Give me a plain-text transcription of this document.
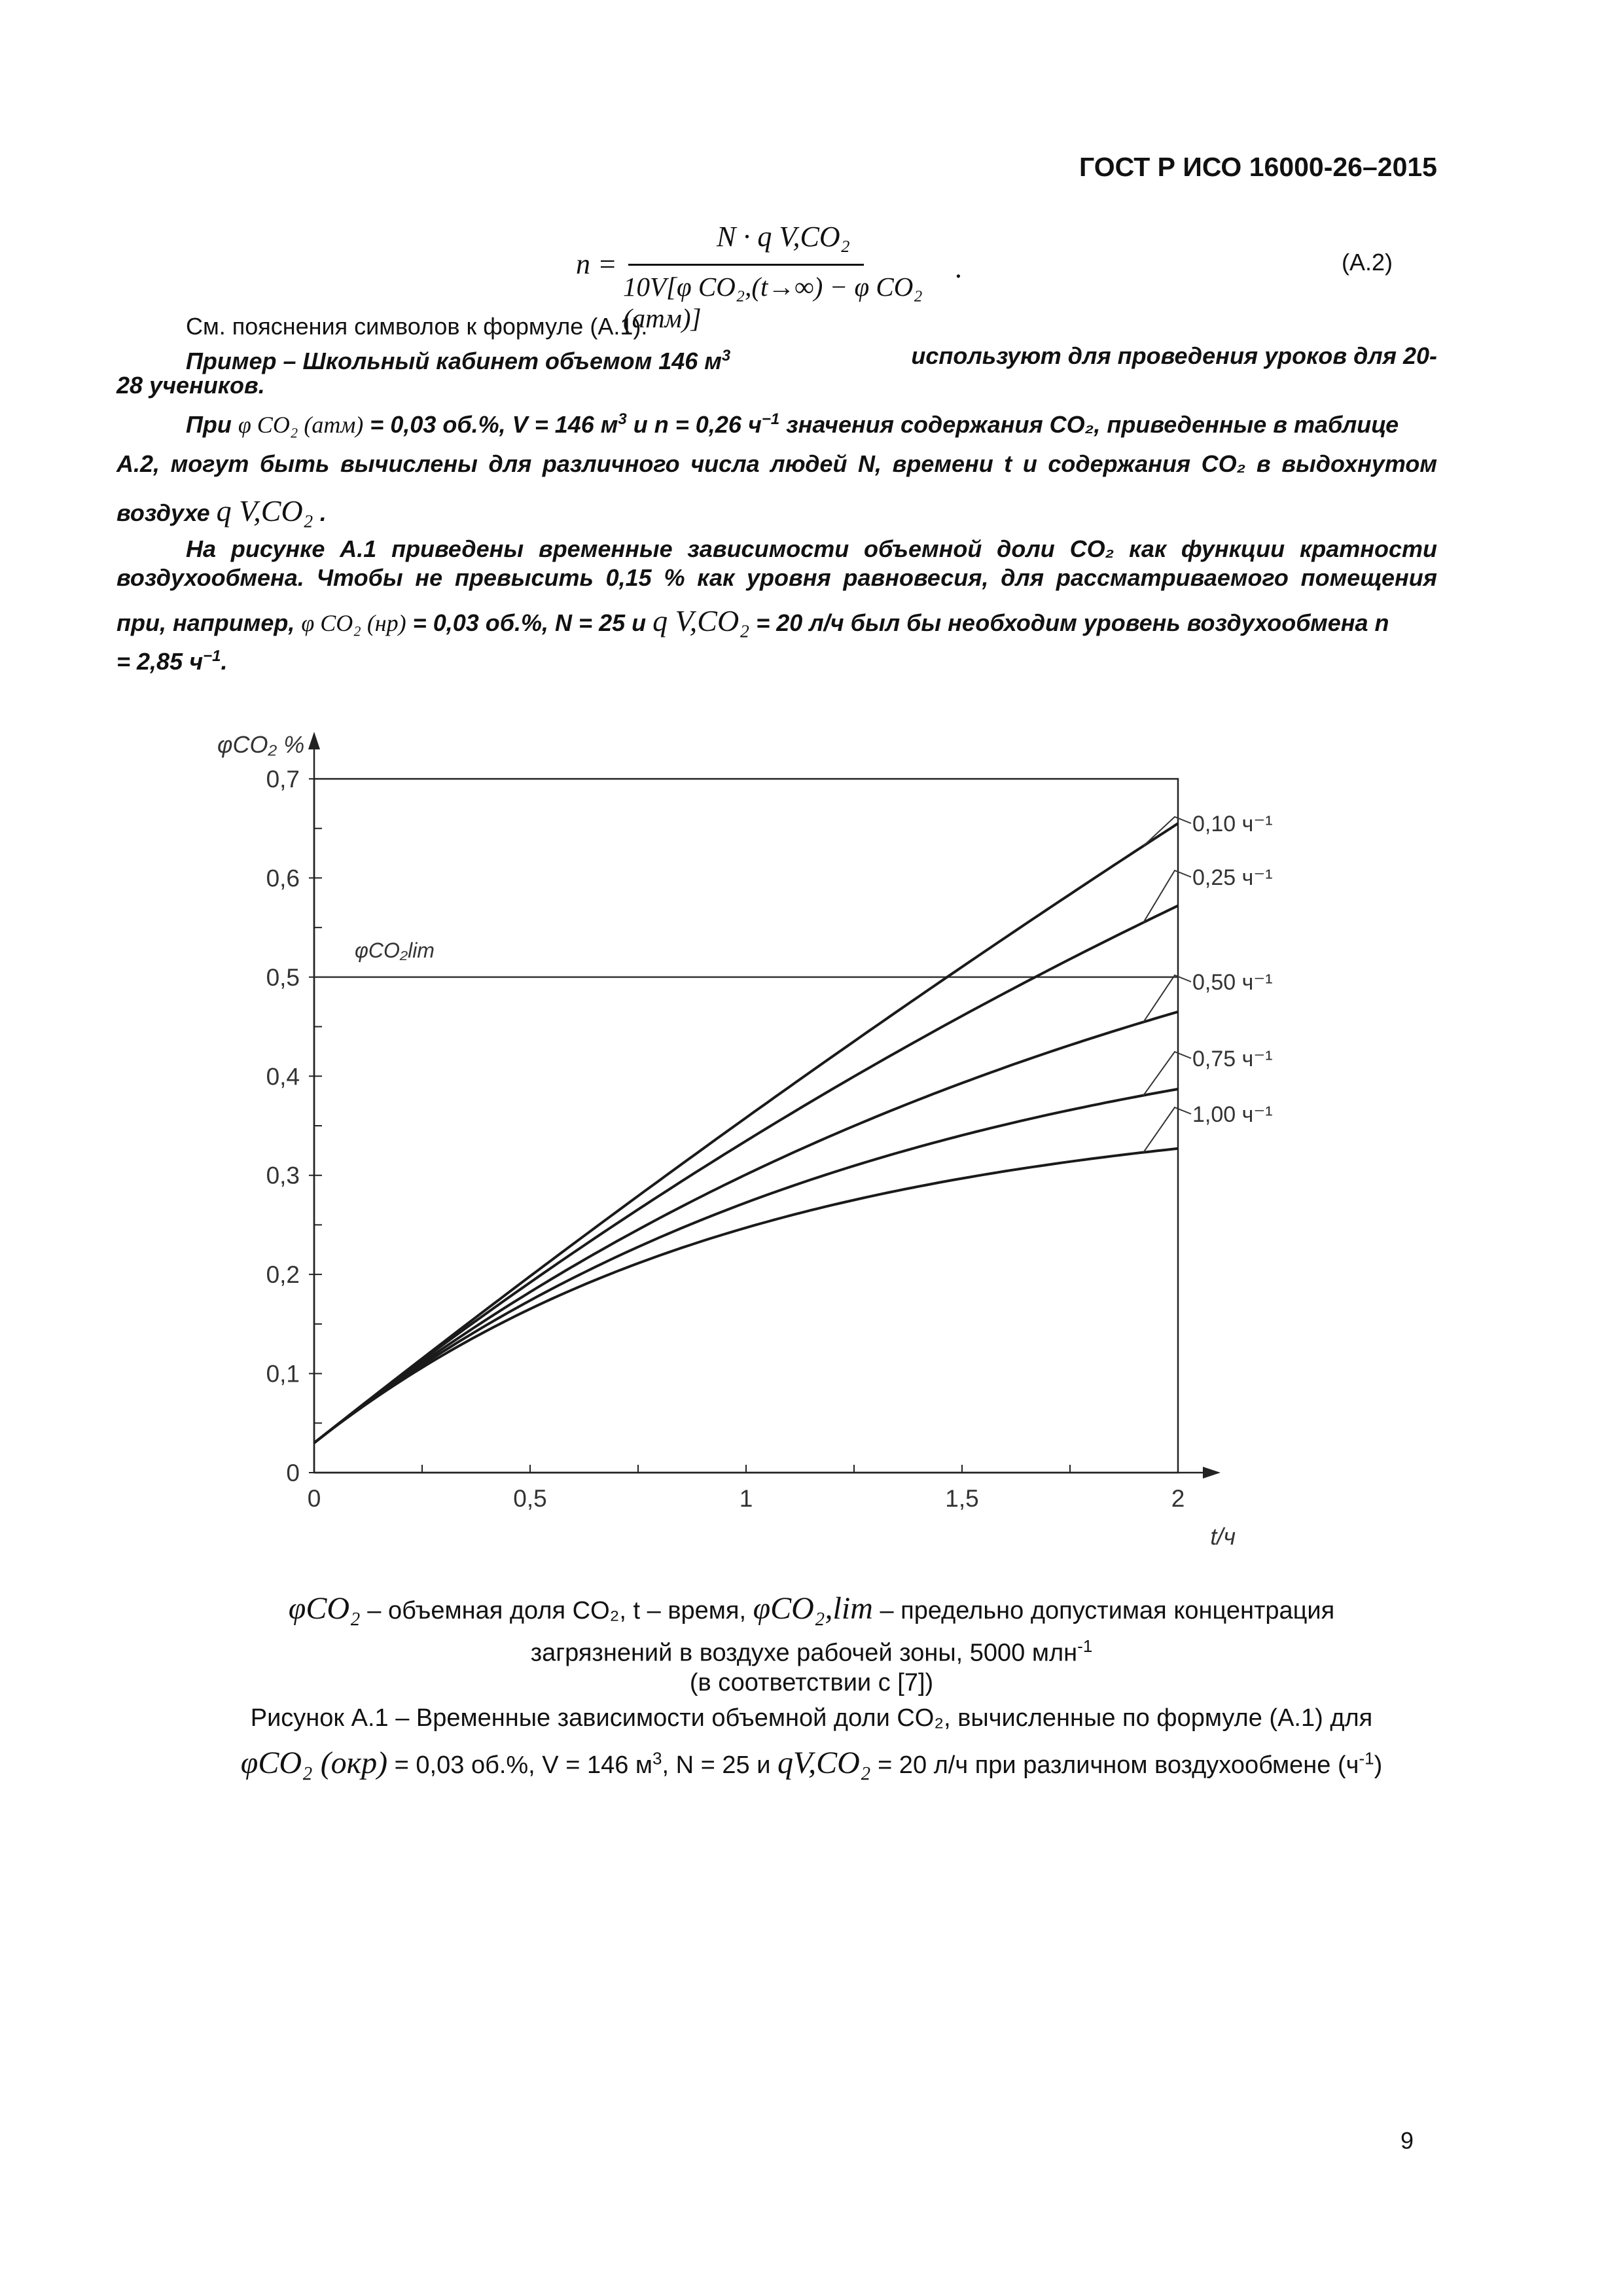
ГОСТ Р ИСО 16000-26–2015
n =
N · q V,CO₂
10V[φ CO₂,(t→∞) − φ CO₂ (атм)]
.	(A.2)
См. пояснения символов к формуле (A.1).
Пример – Школьный кабинет объемом 146 $м^3$	используют для проведения уроков для 20-
28 учеников.
При φ CO₂ (атм) = 0,03 об.%, V = 146 $м^3$ и n = 0,26 $ч^{-1}$ значения содержания CO₂, приведенные в таблице
А.2, могут быть вычислены для различного числа людей N, времени t и содержания CO₂ в выдохнутом
воздухе q V,CO₂ .
На рисунке А.1 приведены временные зависимости объемной доли CO₂ как функции кратности
воздухообмена. Чтобы не превысить 0,15 % как уровня равновесия, для рассматриваемого помещения
при, например, φ CO₂ (нр) = 0,03 об.%, N = 25 и q V,CO₂ = 20 л/ч был бы необходим уровень воздухообмена n
= 2,85 $ч^{-1}$.
0
0,1
0,2
0,3
0,4
0,5
0,6
0,7
0	0,5	1	1,5	2
φCO₂ %
t/ч
φCO₂lim
0,10 ч⁻¹
0,25 ч⁻¹
0,50 ч⁻¹
0,75 ч⁻¹
1,00 ч⁻¹
φCO₂ – объемная доля CO₂, t – время, φCO₂,lim – предельно допустимая концентрация
загрязнений в воздухе рабочей зоны, 5000 млн$^{-1}$
(в соответствии с [7])
Рисунок А.1 – Временные зависимости объемной доли CO₂, вычисленные по формуле (А.1) для
φCO₂ (окр) = 0,03 об.%, V = 146 $м^3$, N = 25 и qV,CO₂ = 20 л/ч при различном воздухообмене $(ч^{-1})$
9
